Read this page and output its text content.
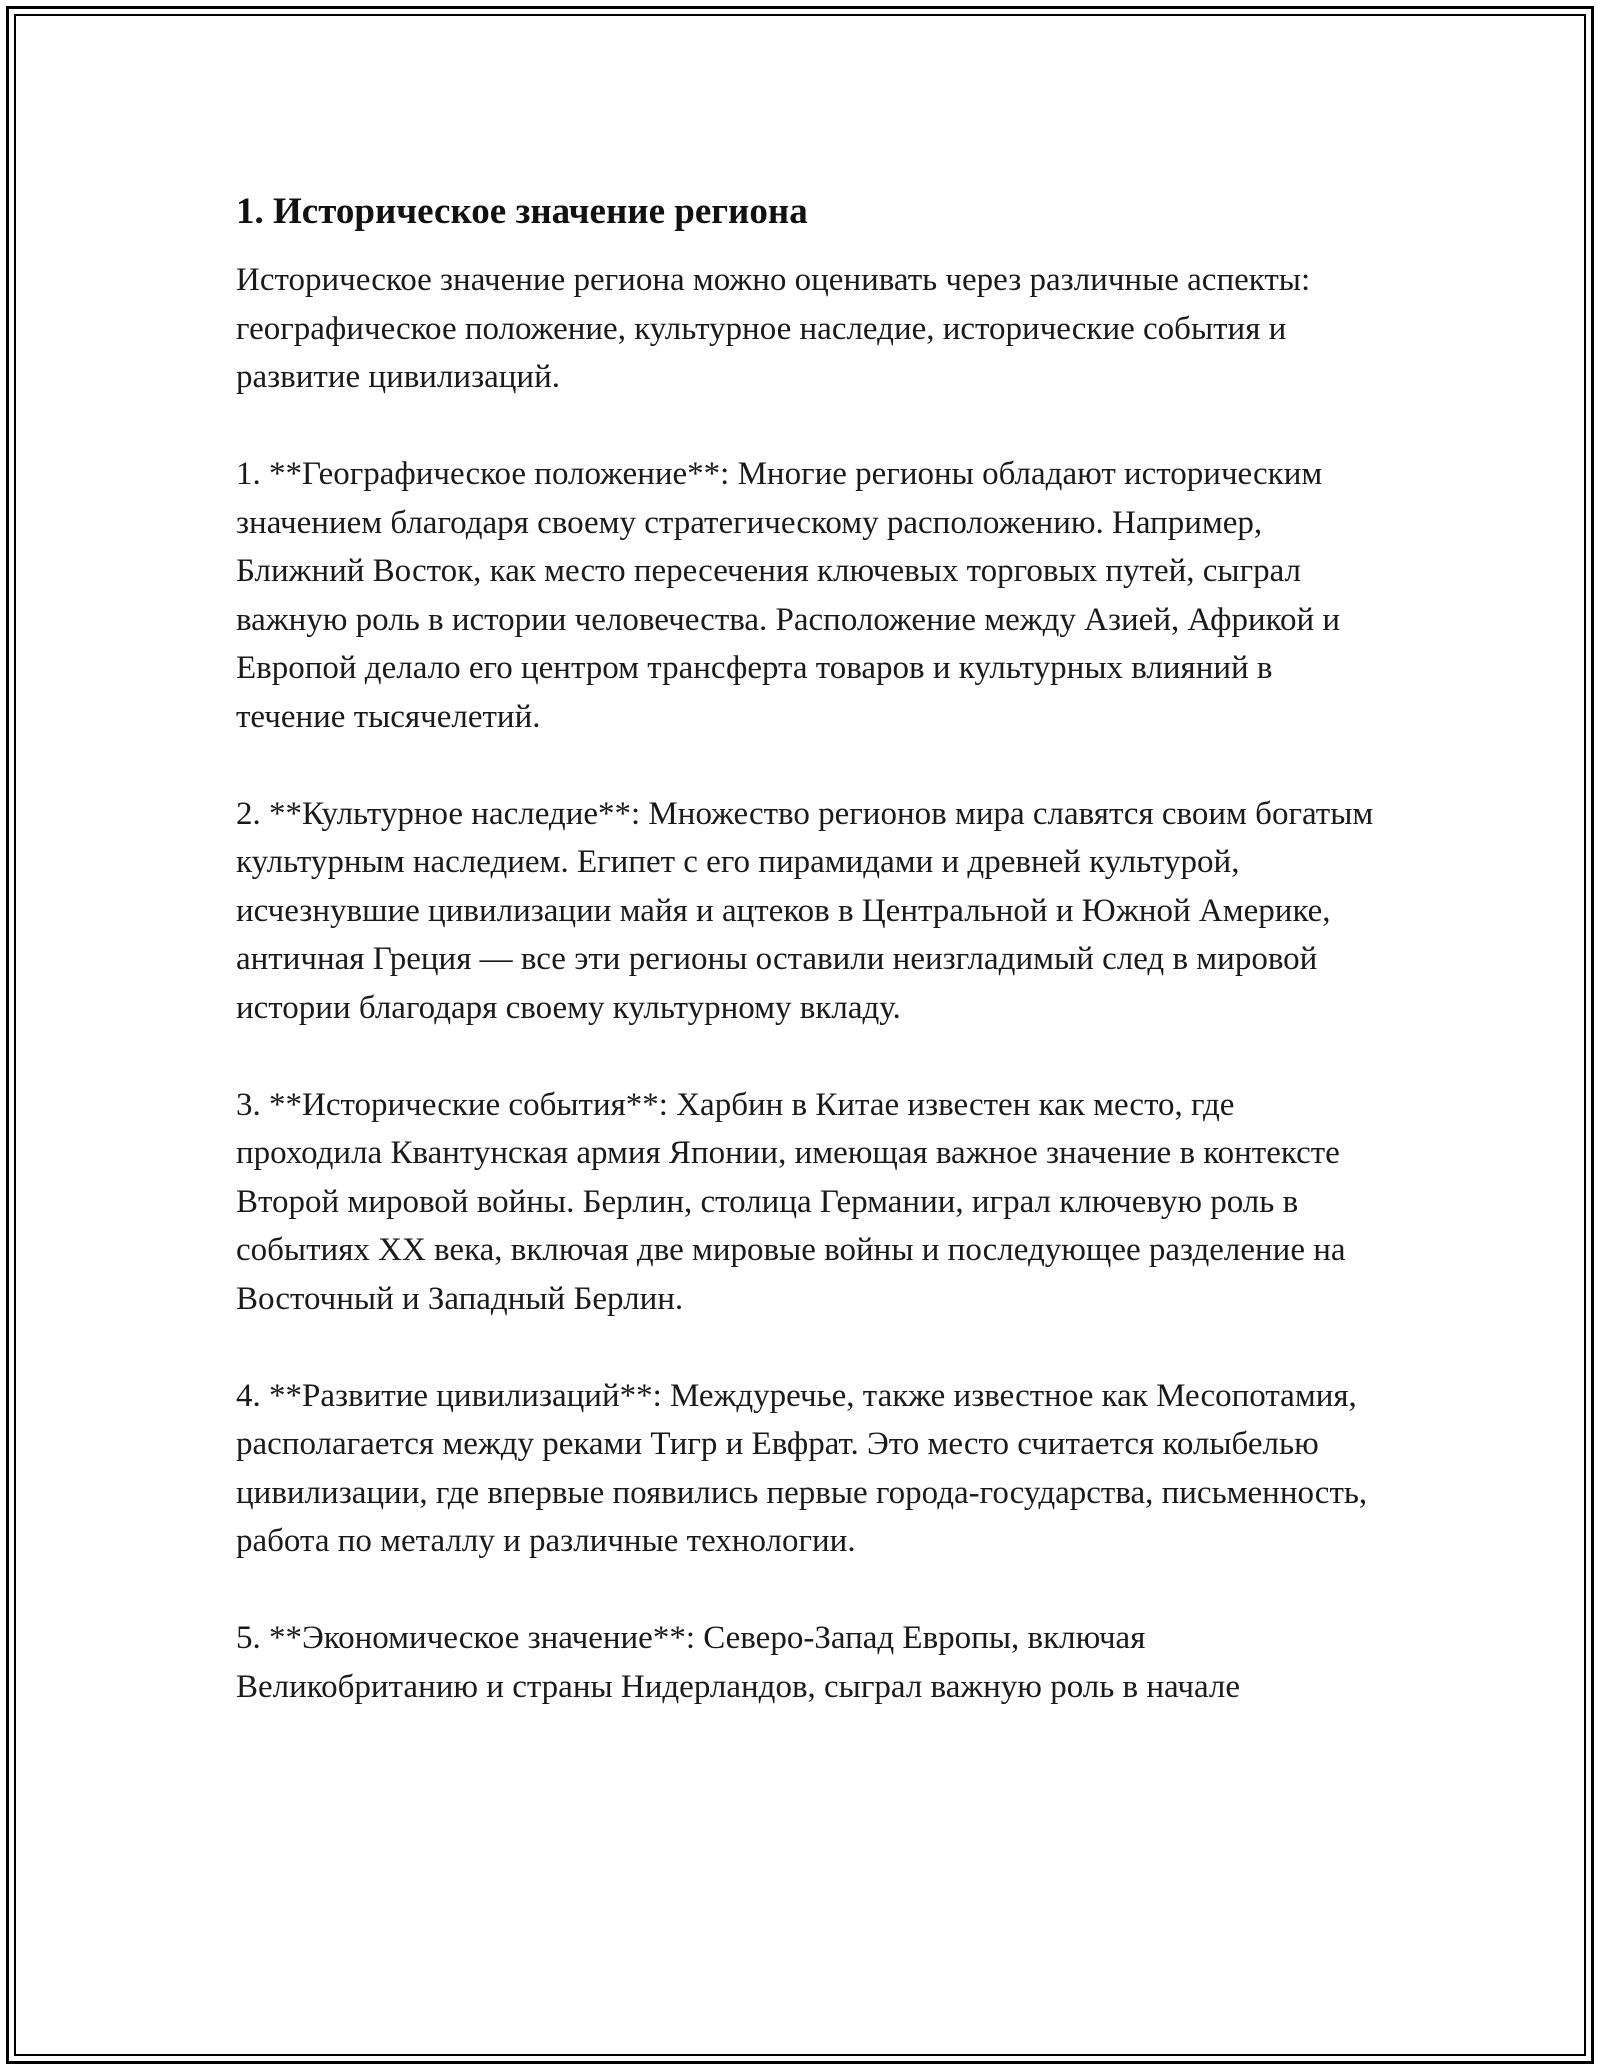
1. Историческое значение региона

Историческое значение региона можно оценивать через различные аспекты: географическое положение, культурное наследие, исторические события и развитие цивилизаций.

1. **Географическое положение**: Многие регионы обладают историческим значением благодаря своему стратегическому расположению. Например, Ближний Восток, как место пересечения ключевых торговых путей, сыграл важную роль в истории человечества. Расположение между Азией, Африкой и Европой делало его центром трансферта товаров и культурных влияний в течение тысячелетий.

2. **Культурное наследие**: Множество регионов мира славятся своим богатым культурным наследием. Египет с его пирамидами и древней культурой, исчезнувшие цивилизации майя и ацтеков в Центральной и Южной Америке, античная Греция — все эти регионы оставили неизгладимый след в мировой истории благодаря своему культурному вкладу.

3. **Исторические события**: Харбин в Китае известен как место, где проходила Квантунская армия Японии, имеющая важное значение в контексте Второй мировой войны. Берлин, столица Германии, играл ключевую роль в событиях XX века, включая две мировые войны и последующее разделение на Восточный и Западный Берлин.

4. **Развитие цивилизаций**: Междуречье, также известное как Месопотамия, располагается между реками Тигр и Евфрат. Это место считается колыбелью цивилизации, где впервые появились первые города-государства, письменность, работа по металлу и различные технологии.

5. **Экономическое значение**: Северо-Запад Европы, включая Великобританию и страны Нидерландов, сыграл важную роль в начале
